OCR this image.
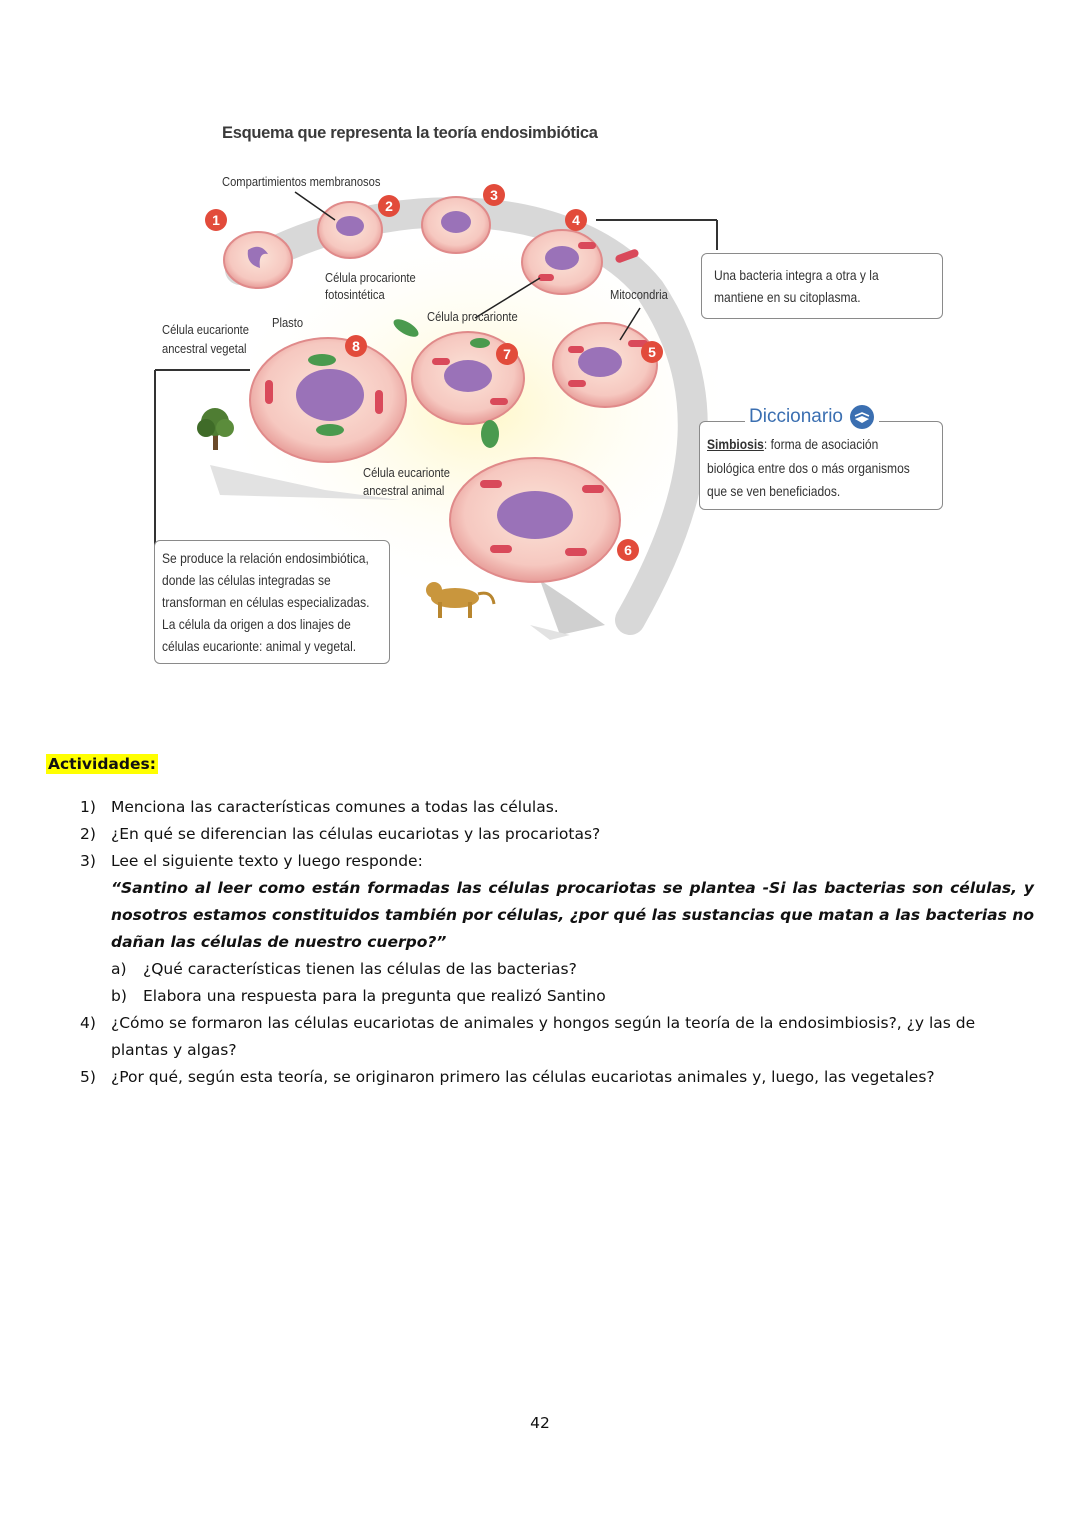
Esquema que representa la teoría endosimbiótica
1
2
3
4
5
6
7
8
Compartimientos membranosos
Célula procarionte
fotosintética
Célula procarionte
Mitocondria
Célula eucarionte
ancestral vegetal
Plasto
Célula eucarionte
ancestral animal
Una bacteria integra a otra y la
mantiene en su citoplasma.
Simbiosis: forma de asociación
biológica entre dos o más organismos
que se ven beneficiados.
Diccionario
Se produce la relación endosimbiótica,
donde las células integradas se
transforman en células especializadas.
La célula da origen a dos linajes de
células eucarionte: animal y vegetal.
Actividades:
1) Menciona las características comunes a todas las células.
2) ¿En qué se diferencian las células eucariotas y las procariotas?
3) Lee el siguiente texto y luego responde:
“Santino al leer como están formadas las células procariotas se plantea -Si las bacterias son células, y nosotros estamos constituidos también por células, ¿por qué las sustancias que matan a las bacterias no dañan las células de nuestro cuerpo?”
a) ¿Qué características tienen las células de las bacterias?
b) Elabora una respuesta para la pregunta que realizó Santino
4) ¿Cómo se formaron las células eucariotas de animales y hongos según la teoría de la endosimbiosis?, ¿y las de plantas y algas?
5) ¿Por qué, según esta teoría, se originaron primero las células eucariotas animales y, luego, las vegetales?
42
